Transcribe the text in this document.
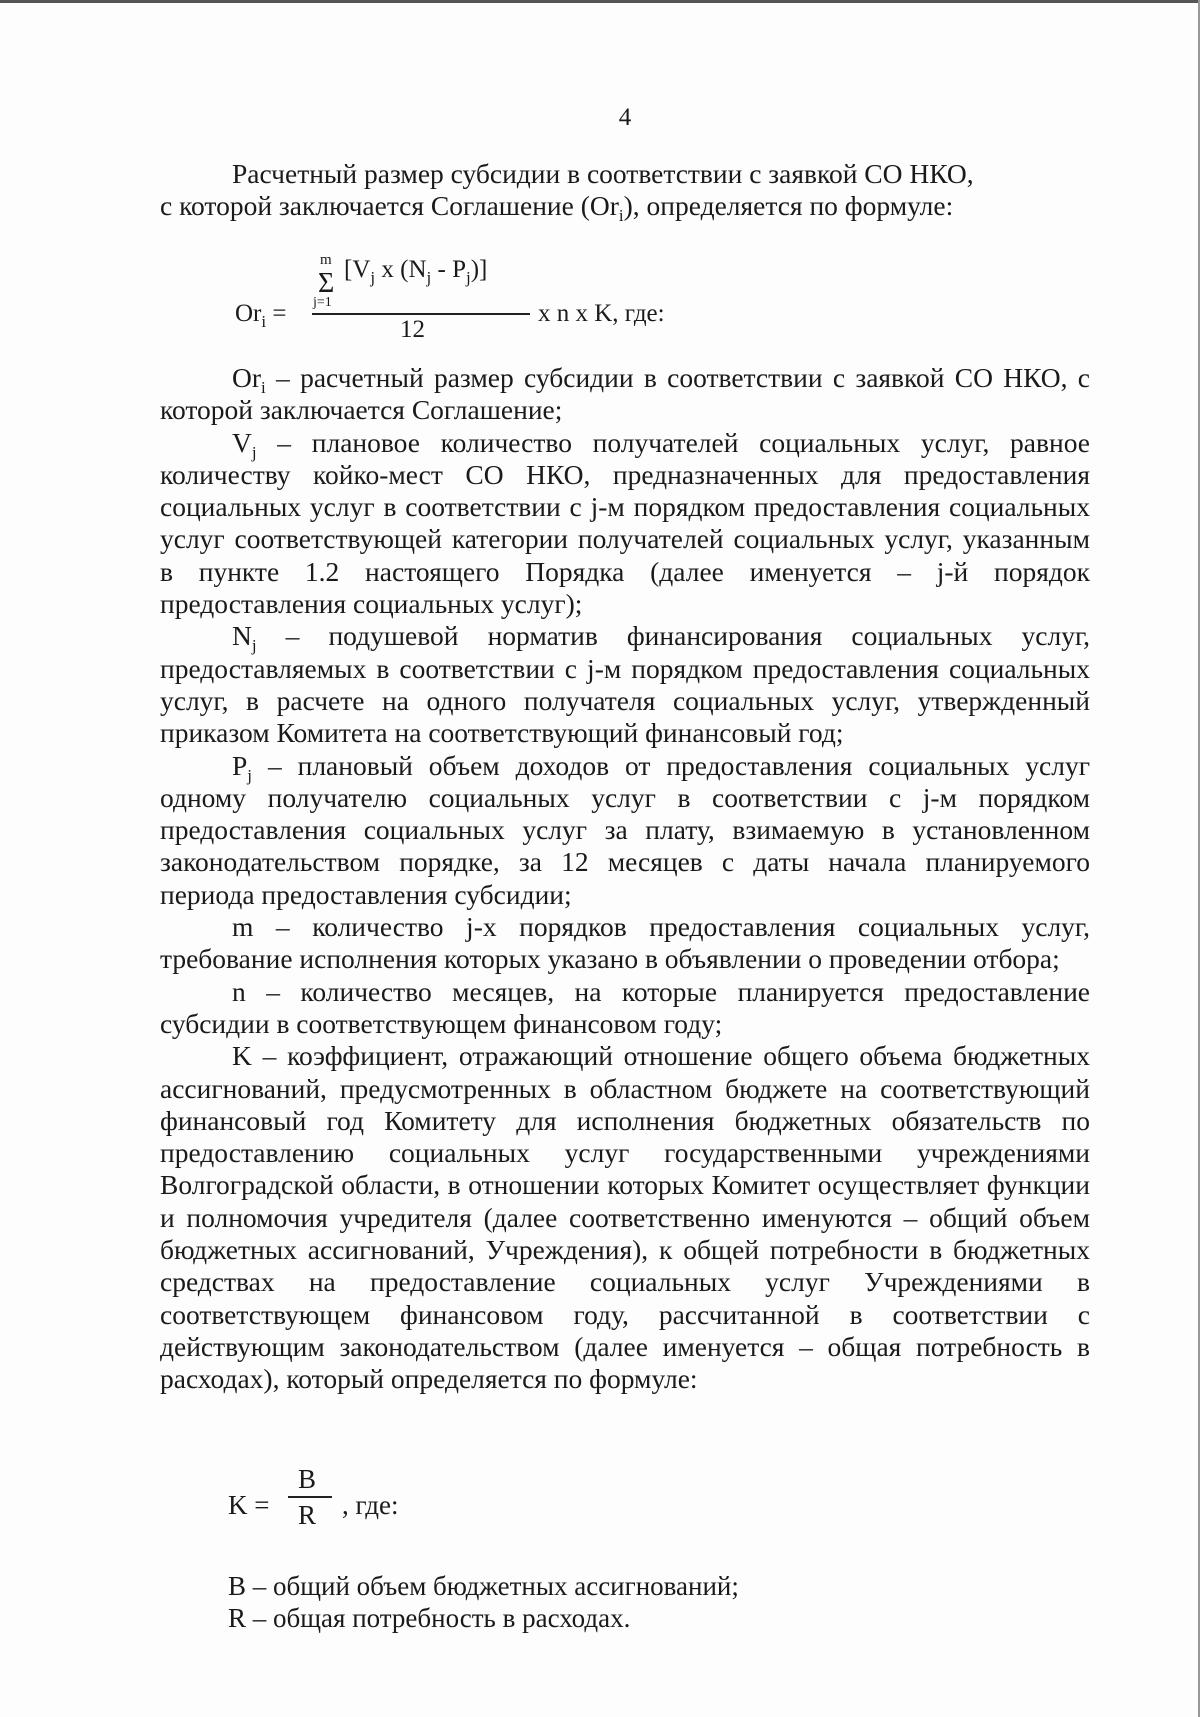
4

Расчетный размер субсидии в соответствии с заявкой СО НКО,

с которой заключается Соглашение $(Or_i)$, определяется по формуле:

$Or_i$ =
m
Σ [$V_j$ x $(N_j - P_j)$]
j=1
12
x n x K, где:

$Or_i$ – расчетный размер субсидии в соответствии с заявкой СО НКО, с которой заключается Соглашение;

$V_j$ – плановое количество получателей социальных услуг, равное количеству койко-мест СО НКО, предназначенных для предоставления социальных услуг в соответствии с j-м порядком предоставления социальных услуг соответствующей категории получателей социальных услуг, указанным в пункте 1.2 настоящего Порядка (далее именуется – j-й порядок предоставления социальных услуг);

$N_j$ – подушевой норматив финансирования социальных услуг, предоставляемых в соответствии с j-м порядком предоставления социальных услуг, в расчете на одного получателя социальных услуг, утвержденный приказом Комитета на соответствующий финансовый год;

$P_j$ – плановый объем доходов от предоставления социальных услуг одному получателю социальных услуг в соответствии с j-м порядком предоставления социальных услуг за плату, взимаемую в установленном законодательством порядке, за 12 месяцев с даты начала планируемого периода предоставления субсидии;

m – количество j-х порядков предоставления социальных услуг, требование исполнения которых указано в объявлении о проведении отбора;

n – количество месяцев, на которые планируется предоставление субсидии в соответствующем финансовом году;

K – коэффициент, отражающий отношение общего объема бюджетных ассигнований, предусмотренных в областном бюджете на соответствующий финансовый год Комитету для исполнения бюджетных обязательств по предоставлению социальных услуг государственными учреждениями Волгоградской области, в отношении которых Комитет осуществляет функции и полномочия учредителя (далее соответственно именуются – общий объем бюджетных ассигнований, Учреждения), к общей потребности в бюджетных средствах на предоставление социальных услуг Учреждениями в соответствующем финансовом году, рассчитанной в соответствии с действующим законодательством (далее именуется – общая потребность в расходах), который определяется по формуле:

K =
B
R , где:
B – общий объем бюджетных ассигнований;
R – общая потребность в расходах.
